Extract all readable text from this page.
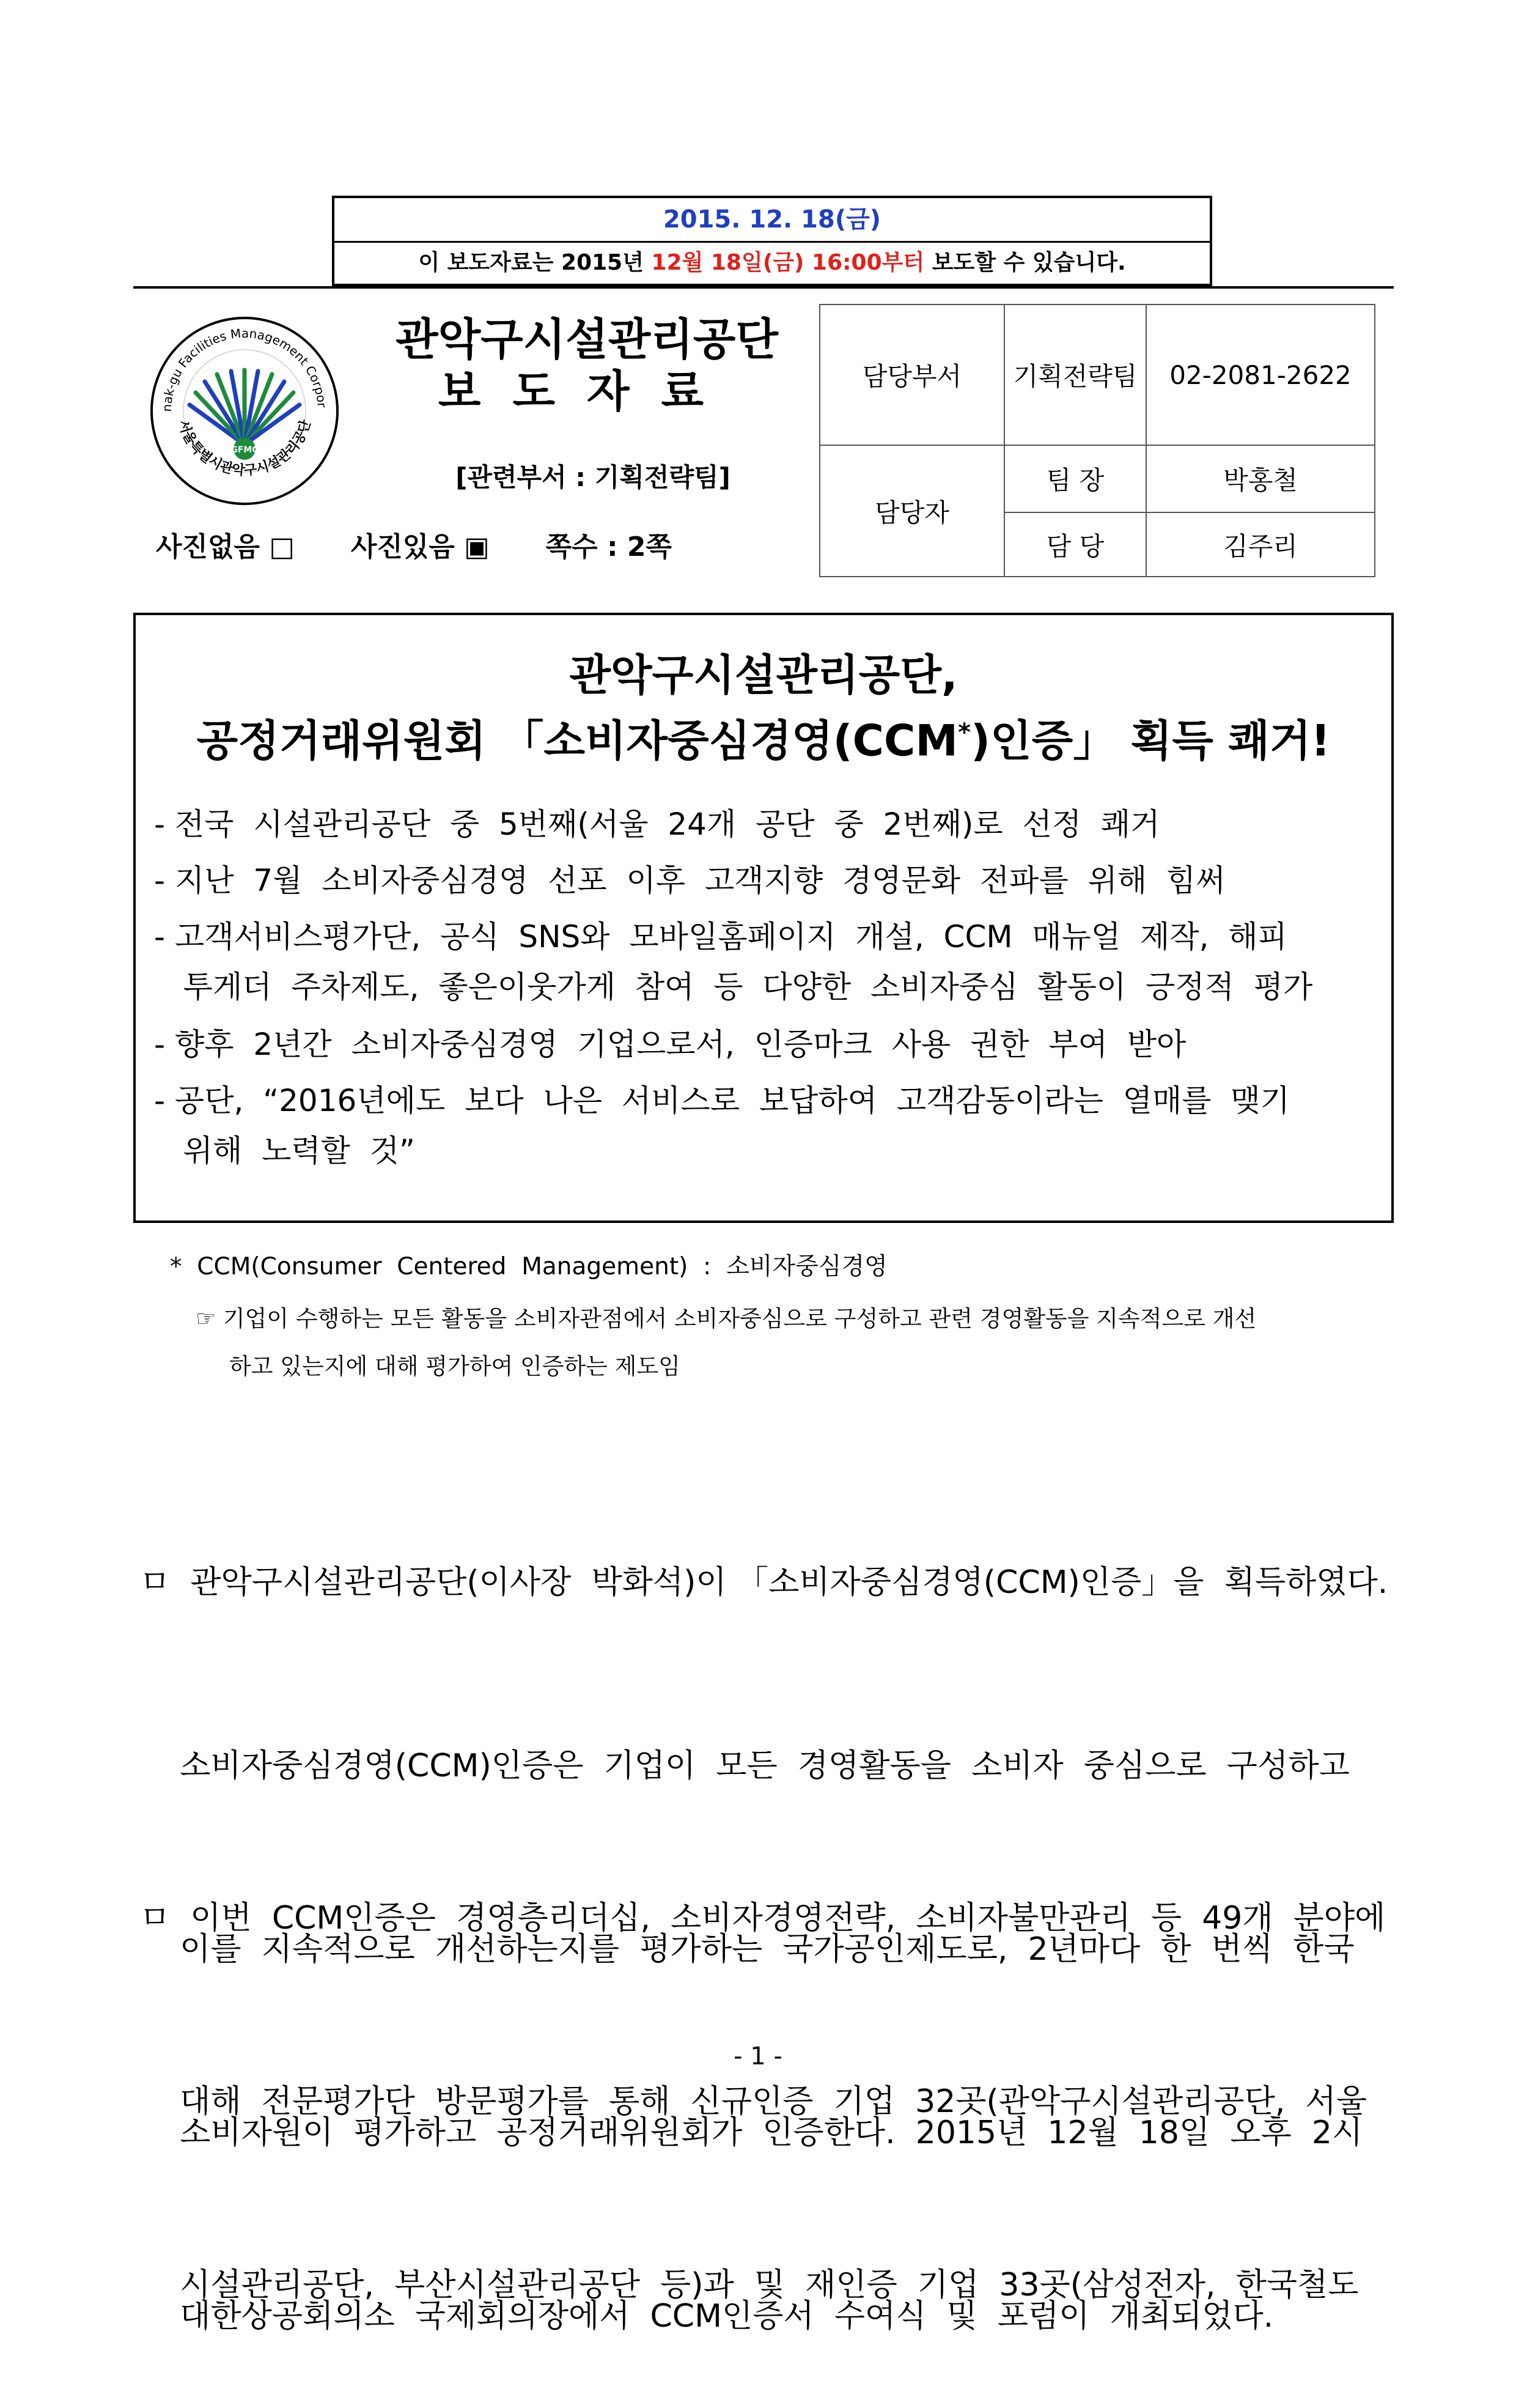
2015. 12. 18(금)
이 보도자료는 2015년 12월 18일(금) 16:00부터 보도할 수 있습니다.
nak-gu Facilities Management Corpor
서울특별시관악구시설관리공단
GFMC
관악구시설관리공단
보도자료
[관련부서 : 기획전략팀]
사진없음 □ 사진있음 ▣ 쪽수 : 2쪽
담당부서	기획전략팀	02-2081-2622
담당자	팀 장	박홍철
	담 당	김주리
관악구시설관리공단,
공정거래위원회 「소비자중심경영(CCM*)인증」 획득 쾌거!
- 전국  시설관리공단  중  5번째(서울  24개  공단  중  2번째)로  선정  쾌거
- 지난  7월  소비자중심경영  선포  이후  고객지향  경영문화  전파를  위해  힘써
- 고객서비스평가단,  공식  SNS와  모바일홈페이지  개설,  CCM  매뉴얼  제작,  해피
투게더  주차제도,  좋은이웃가게  참여  등  다양한  소비자중심  활동이  긍정적  평가
- 향후  2년간  소비자중심경영  기업으로서,  인증마크  사용  권한  부여  받아
- 공단,  “2016년에도  보다  나은  서비스로  보답하여  고객감동이라는  열매를  맺기
위해  노력할  것”
*  CCM(Consumer  Centered  Management)  :  소비자중심경영
☞ 기업이 수행하는 모든 활동을 소비자관점에서 소비자중심으로 구성하고 관련 경영활동을 지속적으로 개선
하고 있는지에 대해 평가하여 인증하는 제도임

ㅁ  관악구시설관리공단(이사장  박화석)이 「소비자중심경영(CCM)인증」을  획득하였다.

소비자중심경영(CCM)인증은  기업이  모든  경영활동을  소비자  중심으로  구성하고

이를  지속적으로  개선하는지를  평가하는  국가공인제도로,  2년마다  한  번씩  한국

소비자원이  평가하고  공정거래위원회가  인증한다.  2015년  12월  18일  오후  2시

대한상공회의소  국제회의장에서  CCM인증서  수여식  및  포럼이  개최되었다.

ㅁ  이번  CCM인증은  경영층리더십,  소비자경영전략,  소비자불만관리  등  49개  분야에

대해  전문평가단  방문평가를  통해  신규인증  기업  32곳(관악구시설관리공단,  서울

시설관리공단,  부산시설관리공단  등)과  및  재인증  기업  33곳(삼성전자,  한국철도

- 1 -
